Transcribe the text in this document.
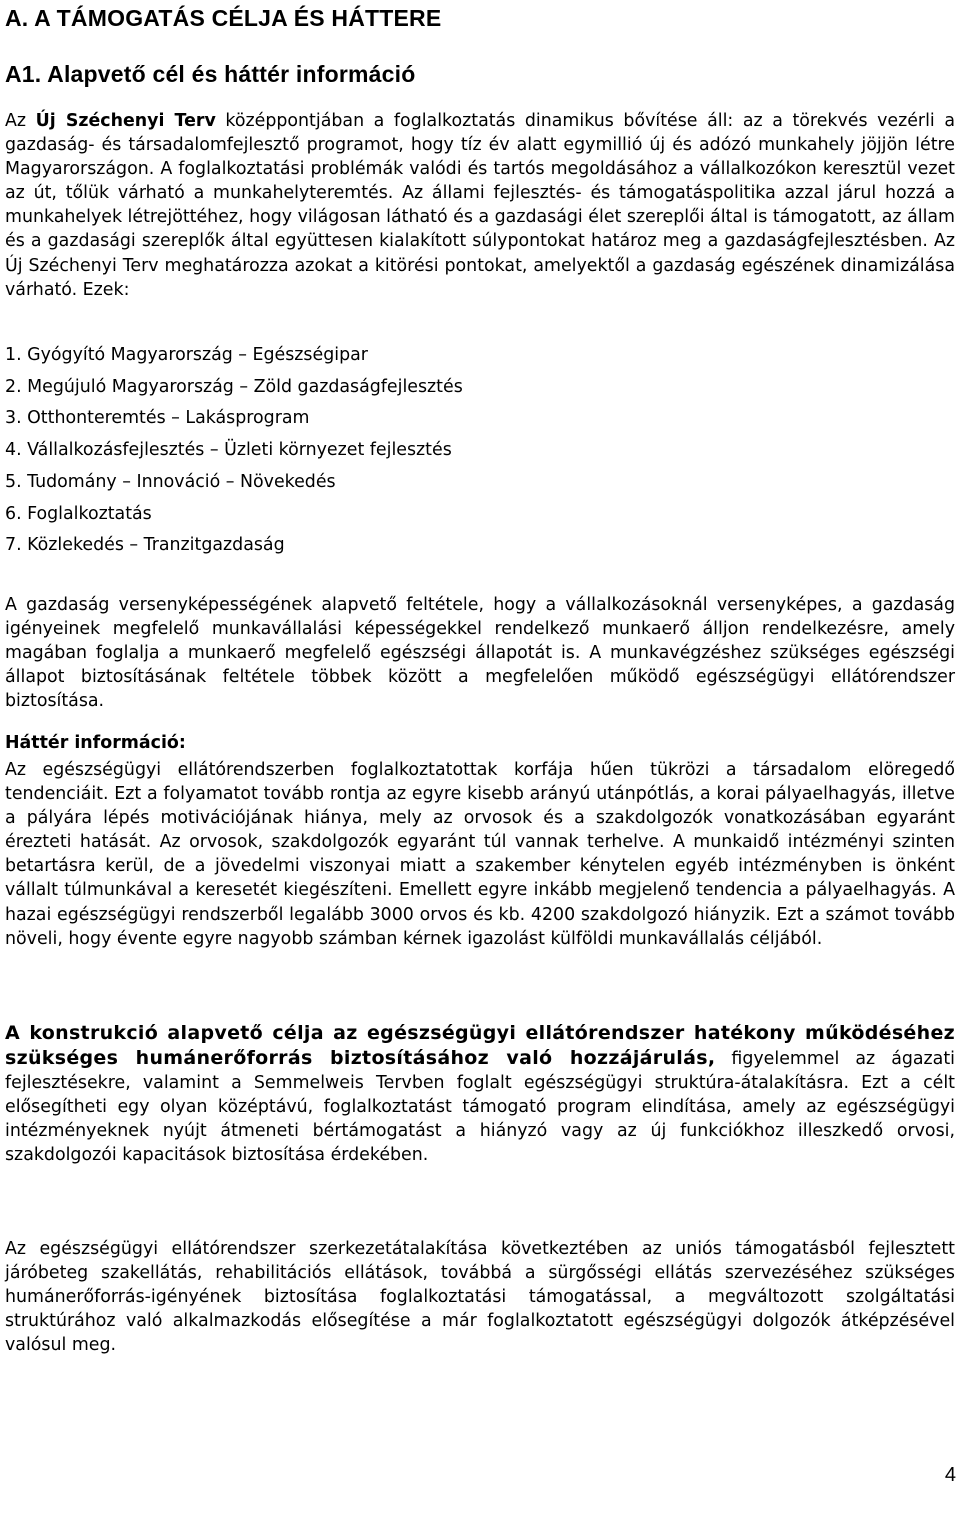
A. A TÁMOGATÁS CÉLJA ÉS HÁTTERE
A1. Alapvető cél és háttér információ

Az Új Széchenyi Terv középpontjában a foglalkoztatás dinamikus bővítése áll: az a törekvés vezérli a gazdaság- és társadalomfejlesztő programot, hogy tíz év alatt egymillió új és adózó munkahely jöjjön létre Magyarországon. A foglalkoztatási problémák valódi és tartós megoldásához a vállalkozókon keresztül vezet az út, tőlük várható a munkahelyteremtés. Az állami fejlesztés- és támogatáspolitika azzal járul hozzá a munkahelyek létrejöttéhez, hogy világosan látható és a gazdasági élet szereplői által is támogatott, az állam és a gazdasági szereplők által együttesen kialakított súlypontokat határoz meg a gazdaságfejlesztésben. Az Új Széchenyi Terv meghatározza azokat a kitörési pontokat, amelyektől a gazdaság egészének dinamizálása várható. Ezek:

1. Gyógyító Magyarország – Egészségipar
2. Megújuló Magyarország – Zöld gazdaságfejlesztés
3. Otthonteremtés – Lakásprogram
4. Vállalkozásfejlesztés – Üzleti környezet fejlesztés
5. Tudomány – Innováció – Növekedés
6. Foglalkoztatás
7. Közlekedés – Tranzitgazdaság

A gazdaság versenyképességének alapvető feltétele, hogy a vállalkozásoknál versenyképes, a gazdaság igényeinek megfelelő munkavállalási képességekkel rendelkező munkaerő álljon rendelkezésre, amely magában foglalja a munkaerő megfelelő egészségi állapotát is. A munkavégzéshez szükséges egészségi állapot biztosításának feltétele többek között a megfelelően működő egészségügyi ellátórendszer biztosítása.

Háttér információ:

Az egészségügyi ellátórendszerben foglalkoztatottak korfája hűen tükrözi a társadalom elöregedő tendenciáit. Ezt a folyamatot tovább rontja az egyre kisebb arányú utánpótlás, a korai pályaelhagyás, illetve a pályára lépés motivációjának hiánya, mely az orvosok és a szakdolgozók vonatkozásában egyaránt érezteti hatását. Az orvosok, szakdolgozók egyaránt túl vannak terhelve. A munkaidő intézményi szinten betartásra kerül, de a jövedelmi viszonyai miatt a szakember kénytelen egyéb intézményben is önként vállalt túlmunkával a keresetét kiegészíteni. Emellett egyre inkább megjelenő tendencia a pályaelhagyás. A hazai egészségügyi rendszerből legalább 3000 orvos és kb. 4200 szakdolgozó hiányzik. Ezt a számot tovább növeli, hogy évente egyre nagyobb számban kérnek igazolást külföldi munkavállalás céljából.

A konstrukció alapvető célja az egészségügyi ellátórendszer hatékony működéséhez szükséges humánerőforrás biztosításához való hozzájárulás, figyelemmel az ágazati fejlesztésekre, valamint a Semmelweis Tervben foglalt egészségügyi struktúra-átalakításra. Ezt a célt elősegítheti egy olyan középtávú, foglalkoztatást támogató program elindítása, amely az egészségügyi intézményeknek nyújt átmeneti bértámogatást a hiányzó vagy az új funkciókhoz illeszkedő orvosi, szakdolgozói kapacitások biztosítása érdekében.

Az egészségügyi ellátórendszer szerkezetátalakítása következtében az uniós támogatásból fejlesztett járóbeteg szakellátás, rehabilitációs ellátások, továbbá a sürgősségi ellátás szervezéséhez szükséges humánerőforrás-igényének biztosítása foglalkoztatási támogatással, a megváltozott szolgáltatási struktúrához való alkalmazkodás elősegítése a már foglalkoztatott egészségügyi dolgozók átképzésével valósul meg.

4
